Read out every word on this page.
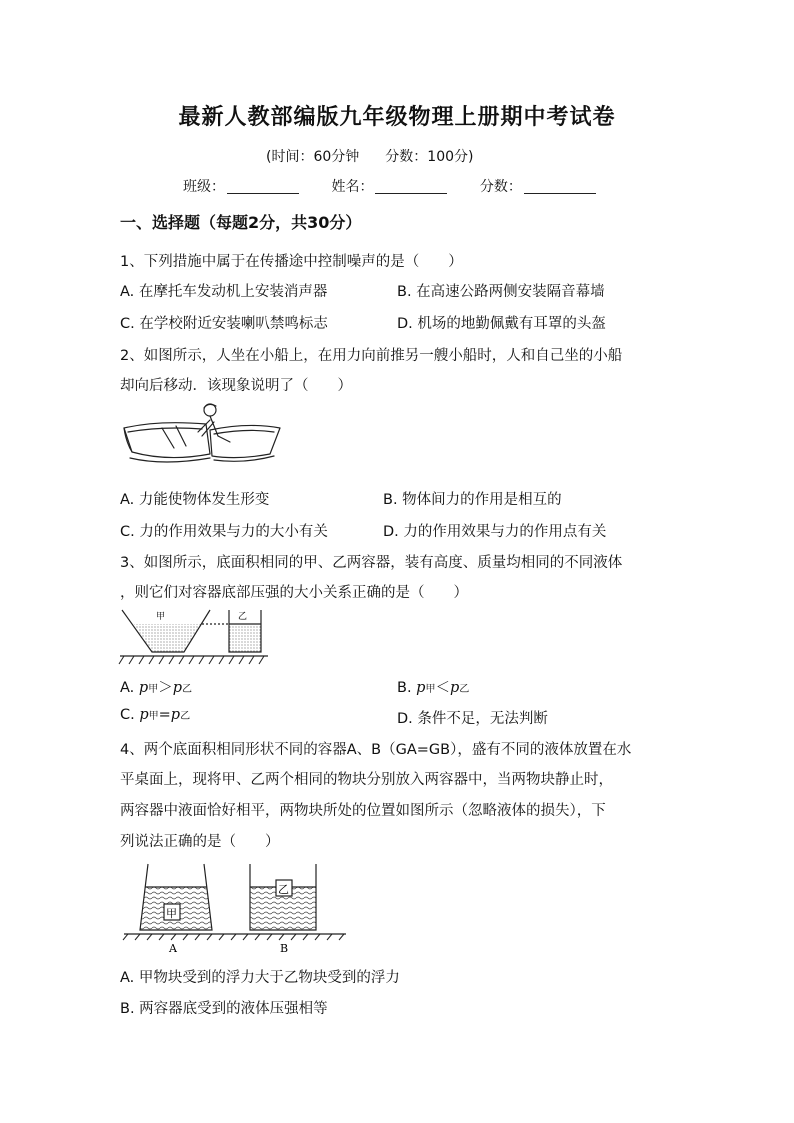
最新人教部编版九年级物理上册期中考试卷
(时间：60分钟 分数：100分)
班级：	姓名：	分数：
一、选择题（每题2分，共30分）
1、下列措施中属于在传播途中控制噪声的是（　　）
A. 在摩托车发动机上安装消声器	B. 在高速公路两侧安装隔音幕墙
C. 在学校附近安装喇叭禁鸣标志	D. 机场的地勤佩戴有耳罩的头盔
2、如图所示，人坐在小船上，在用力向前推另一艘小船时，人和自己坐的小船
却向后移动．该现象说明了（　　）
A. 力能使物体发生形变	B. 物体间力的作用是相互的
C. 力的作用效果与力的大小有关	D. 力的作用效果与力的作用点有关
3、如图所示，底面积相同的甲、乙两容器，装有高度、质量均相同的不同液体
，则它们对容器底部压强的大小关系正确的是（　　）
甲	乙
A. p甲＞p乙	B. p甲＜p乙
C. p甲=p乙	D. 条件不足，无法判断
4、两个底面积相同形状不同的容器A、B（GA=GB），盛有不同的液体放置在水
平桌面上，现将甲、乙两个相同的物块分别放入两容器中，当两物块静止时，
两容器中液面恰好相平，两物块所处的位置如图所示（忽略液体的损失），下
列说法正确的是（　　）
甲
乙
A	B
A. 甲物块受到的浮力大于乙物块受到的浮力
B. 两容器底受到的液体压强相等
